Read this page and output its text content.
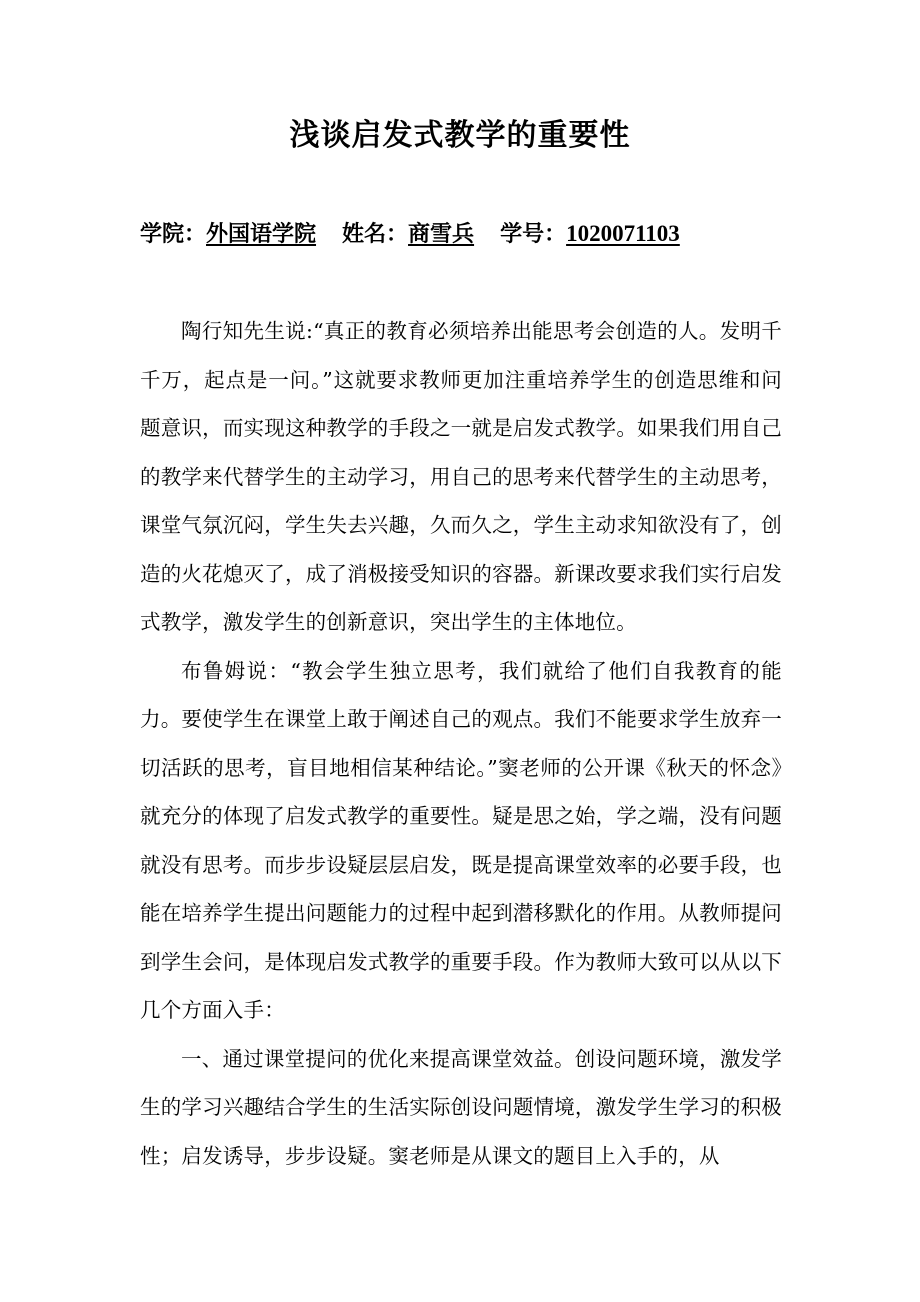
浅谈启发式教学的重要性
学院：外国语学院 姓名：商雪兵 学号：1020071103

陶行知先生说:“真正的教育必须培养出能思考会创造的人。发明千千万，起点是一问。”这就要求教师更加注重培养学生的创造思维和问题意识，而实现这种教学的手段之一就是启发式教学。如果我们用自己的教学来代替学生的主动学习，用自己的思考来代替学生的主动思考，课堂气氛沉闷，学生失去兴趣，久而久之，学生主动求知欲没有了，创造的火花熄灭了，成了消极接受知识的容器。新课改要求我们实行启发式教学，激发学生的创新意识，突出学生的主体地位。

布鲁姆说：“教会学生独立思考，我们就给了他们自我教育的能力。要使学生在课堂上敢于阐述自己的观点。我们不能要求学生放弃一切活跃的思考，盲目地相信某种结论。”窦老师的公开课《秋天的怀念》就充分的体现了启发式教学的重要性。疑是思之始，学之端，没有问题就没有思考。而步步设疑层层启发，既是提高课堂效率的必要手段，也能在培养学生提出问题能力的过程中起到潜移默化的作用。从教师提问到学生会问，是体现启发式教学的重要手段。作为教师大致可以从以下几个方面入手：

一、通过课堂提问的优化来提高课堂效益。创设问题环境，激发学生的学习兴趣结合学生的生活实际创设问题情境，激发学生学习的积极性；启发诱导，步步设疑。窦老师是从课文的题目上入手的，从
